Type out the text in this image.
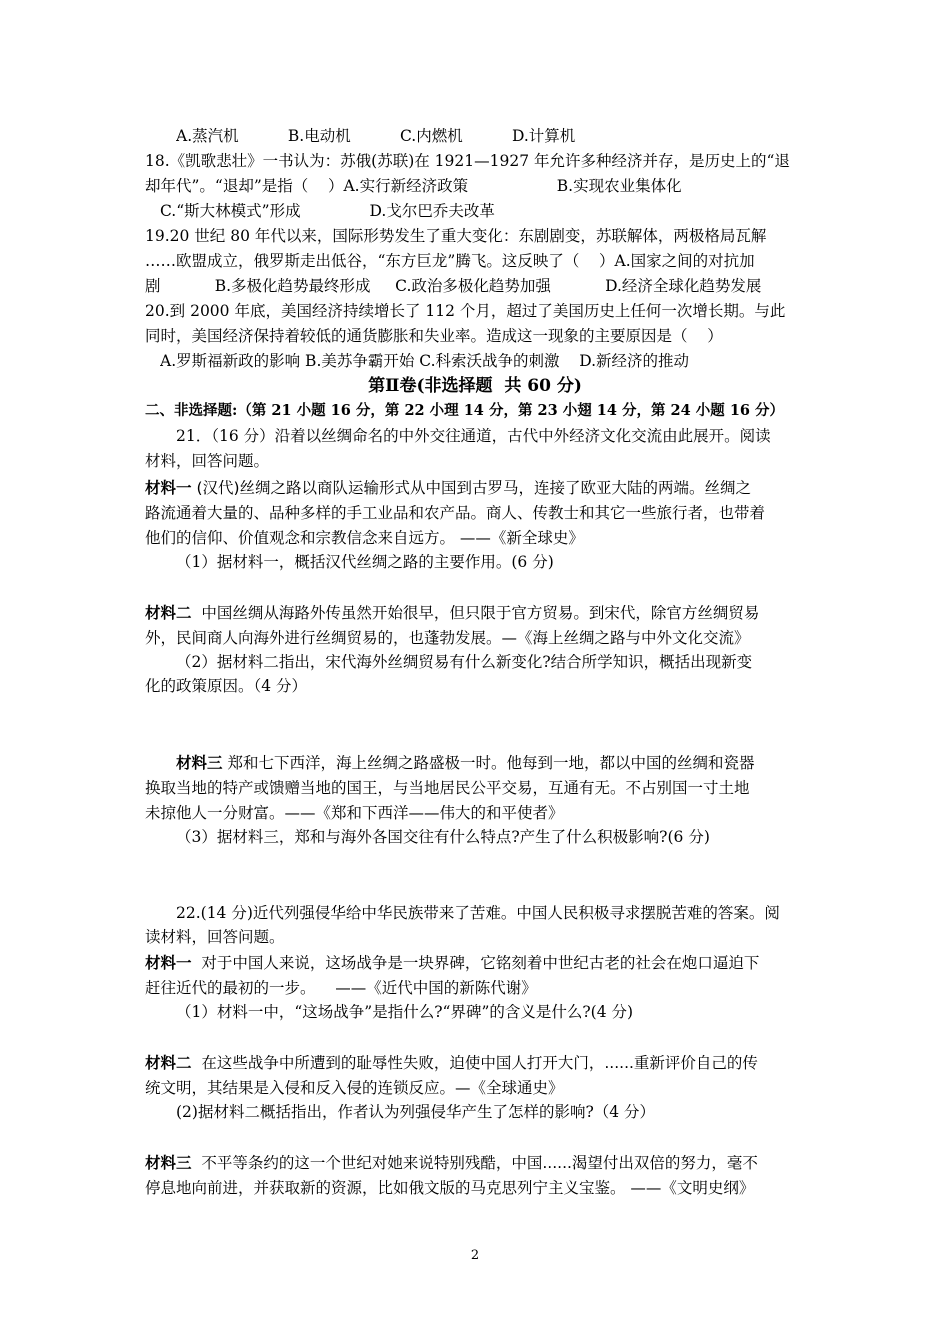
A.蒸汽机          B.电动机          C.内燃机          D.计算机
18.《凯歌悲壮》一书认为：苏俄(苏联)在 1921—1927 年允许多种经济并存，是历史上的“退
却年代”。“退却”是指（    ）A.实行新经济政策                  B.实现农业集体化
C.“斯大林模式”形成              D.戈尔巴乔夫改革
19.20 世纪 80 年代以来，国际形势发生了重大变化：东剧剧变，苏联解体，两极格局瓦解
……欧盟成立，俄罗斯走出低谷，“东方巨龙”腾飞。这反映了（    ）A.国家之间的对抗加
剧           B.多极化趋势最终形成     C.政治多极化趋势加强           D.经济全球化趋势发展
20.到 2000 年底，美国经济持续增长了 112 个月，超过了美国历史上任何一次增长期。与此
同时，美国经济保持着较低的通货膨胀和失业率。造成这一现象的主要原因是（    ）
A.罗斯福新政的影响 B.美苏争霸开始 C.科索沃战争的刺激    D.新经济的推动
第Ⅱ卷(非选择题  共 60 分)
二、非选择题:（第 21 小题 16 分，第 22 小理 14 分，第 23 小翅 14 分，第 24 小题 16 分）
21．（16 分）沿着以丝绸命名的中外交往通道，古代中外经济文化交流由此展开。阅读
材料，回答问题。
材料一 (汉代)丝绸之路以商队运输形式从中国到古罗马，连接了欧亚大陆的两端。丝绸之
路流通着大量的、品种多样的手工业品和农产品。商人、传教士和其它一些旅行者，也带着
他们的信仰、价值观念和宗教信念来自远方。 ——《新全球史》
（1）据材料一，概括汉代丝绸之路的主要作用。(6 分)
材料二  中国丝绸从海路外传虽然开始很早，但只限于官方贸易。到宋代，除官方丝绸贸易
外，民间商人向海外进行丝绸贸易的，也蓬勃发展。—《海上丝绸之路与中外文化交流》
（2）据材料二指出，宋代海外丝绸贸易有什么新变化?结合所学知识，概括出现新变
化的政策原因。（4 分）
材料三 郑和七下西洋，海上丝绸之路盛极一时。他每到一地，都以中国的丝绸和瓷器
换取当地的特产或馈赠当地的国王，与当地居民公平交易，互通有无。不占别国一寸土地
未掠他人一分财富。——《郑和下西洋——伟大的和平使者》
（3）据材料三，郑和与海外各国交往有什么特点?产生了什么积极影响?(6 分)
22.(14 分)近代列强侵华给中华民族带来了苦难。中国人民积极寻求摆脱苦难的答案。阅
读材料，回答问题。
材料一  对于中国人来说，这场战争是一块界碑，它铭刻着中世纪古老的社会在炮口逼迫下
赶往近代的最初的一步。    ——《近代中国的新陈代谢》
（1）材料一中，“这场战争”是指什么?“界碑”的含义是什么?(4 分)
材料二  在这些战争中所遭到的耻辱性失败，迫使中国人打开大门，......重新评价自己的传
统文明，其结果是入侵和反入侵的连锁反应。—《全球通史》
(2)据材料二概括指出，作者认为列强侵华产生了怎样的影响?（4 分）
材料三  不平等条约的这一个世纪对她来说特别残酷，中国......渴望付出双倍的努力，毫不
停息地向前进，并获取新的资源，比如俄文版的马克思列宁主义宝鉴。 ——《文明史纲》
2
